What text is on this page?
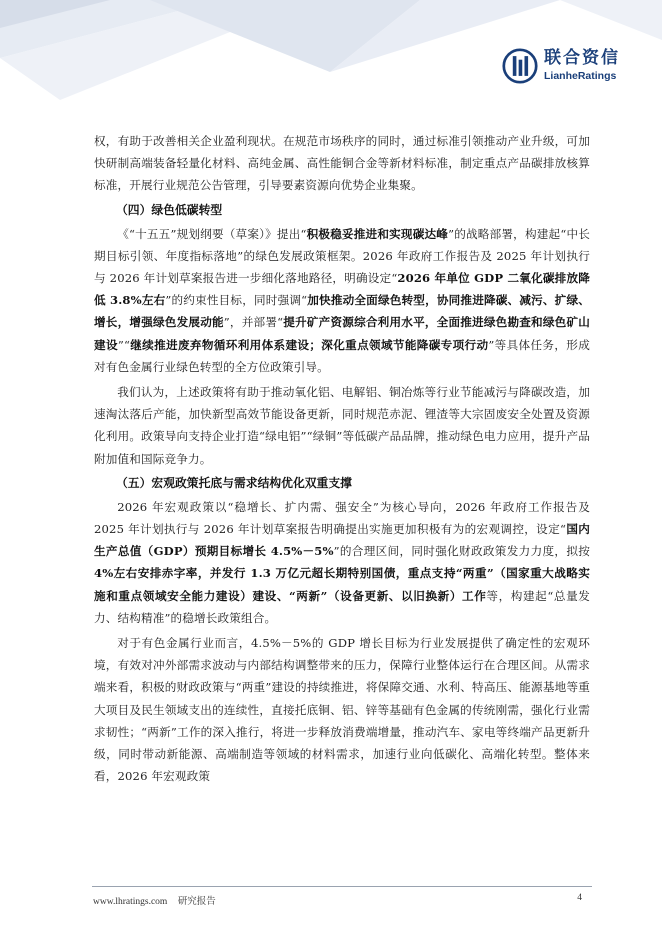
联合资信
LianheRatings

权，有助于改善相关企业盈利现状。在规范市场秩序的同时，通过标准引领推动产业升级，可加快研制高端装备轻量化材料、高纯金属、高性能铜合金等新材料标准，制定重点产品碳排放核算标准，开展行业规范公告管理，引导要素资源向优势企业集聚。

（四）绿色低碳转型

《“十五五”规划纲要（草案）》提出“积极稳妥推进和实现碳达峰”的战略部署，构建起“中长期目标引领、年度指标落地”的绿色发展政策框架。2026 年政府工作报告及 2025 年计划执行与 2026 年计划草案报告进一步细化落地路径，明确设定“2026 年单位 GDP 二氧化碳排放降低 3.8%左右”的约束性目标，同时强调“加快推动全面绿色转型，协同推进降碳、减污、扩绿、增长，增强绿色发展动能”，并部署“提升矿产资源综合利用水平，全面推进绿色勘查和绿色矿山建设”“继续推进废弃物循环利用体系建设；深化重点领域节能降碳专项行动”等具体任务，形成对有色金属行业绿色转型的全方位政策引导。

我们认为，上述政策将有助于推动氧化铝、电解铝、铜冶炼等行业节能减污与降碳改造，加速淘汰落后产能，加快新型高效节能设备更新，同时规范赤泥、锂渣等大宗固废安全处置及资源化利用。政策导向支持企业打造“绿电铝”“绿铜”等低碳产品品牌，推动绿色电力应用，提升产品附加值和国际竞争力。

（五）宏观政策托底与需求结构优化双重支撑

2026 年宏观政策以“稳增长、扩内需、强安全”为核心导向，2026 年政府工作报告及 2025 年计划执行与 2026 年计划草案报告明确提出实施更加积极有为的宏观调控，设定“国内生产总值（GDP）预期目标增长 4.5%－5%”的合理区间，同时强化财政政策发力力度，拟按4%左右安排赤字率，并发行 1.3 万亿元超长期特别国债，重点支持“两重”（国家重大战略实施和重点领域安全能力建设）建设、“两新”（设备更新、以旧换新）工作等，构建起“总量发力、结构精准”的稳增长政策组合。

对于有色金属行业而言，4.5%－5%的 GDP 增长目标为行业发展提供了确定性的宏观环境，有效对冲外部需求波动与内部结构调整带来的压力，保障行业整体运行在合理区间。从需求端来看，积极的财政政策与“两重”建设的持续推进，将保障交通、水利、特高压、能源基地等重大项目及民生领域支出的连续性，直接托底铜、铝、锌等基础有色金属的传统刚需，强化行业需求韧性；“两新”工作的深入推行，将进一步释放消费端增量，推动汽车、家电等终端产品更新升级，同时带动新能源、高端制造等领域的材料需求，加速行业向低碳化、高端化转型。整体来看，2026 年宏观政策

www.lhratings.com 研究报告	4
